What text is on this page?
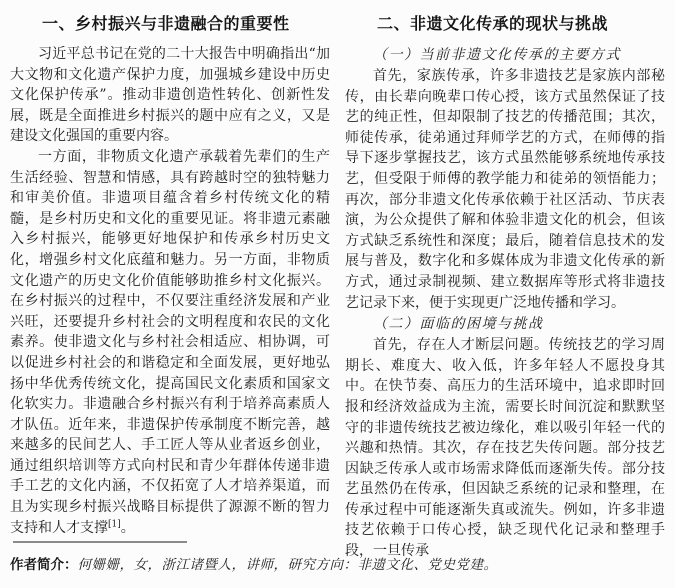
一、乡村振兴与非遗融合的重要性

习近平总书记在党的二十大报告中明确指出“加大文物和文化遗产保护力度，加强城乡建设中历史文化保护传承”。推动非遗创造性转化、创新性发展，既是全面推进乡村振兴的题中应有之义，又是建设文化强国的重要内容。

一方面，非物质文化遗产承载着先辈们的生产生活经验、智慧和情感，具有跨越时空的独特魅力和审美价值。非遗项目蕴含着乡村传统文化的精髓，是乡村历史和文化的重要见证。将非遗元素融入乡村振兴，能够更好地保护和传承乡村历史文化，增强乡村文化底蕴和魅力。另一方面，非物质文化遗产的历史文化价值能够助推乡村文化振兴。在乡村振兴的过程中，不仅要注重经济发展和产业兴旺，还要提升乡村社会的文明程度和农民的文化素养。使非遗文化与乡村社会相适应、相协调，可以促进乡村社会的和谐稳定和全面发展，更好地弘扬中华优秀传统文化，提高国民文化素质和国家文化软实力。非遗融合乡村振兴有利于培养高素质人才队伍。近年来，非遗保护传承制度不断完善，越来越多的民间艺人、手工匠人等从业者返乡创业，通过组织培训等方式向村民和青少年群体传递非遗手工艺的文化内涵，不仅拓宽了人才培养渠道，而且为实现乡村振兴战略目标提供了源源不断的智力支持和人才支撑[1]。

二、非遗文化传承的现状与挑战

（一）当前非遗文化传承的主要方式

首先，家族传承，许多非遗技艺是家族内部秘传，由长辈向晚辈口传心授，该方式虽然保证了技艺的纯正性，但却限制了技艺的传播范围；其次，师徒传承，徒弟通过拜师学艺的方式，在师傅的指导下逐步掌握技艺，该方式虽然能够系统地传承技艺，但受限于师傅的教学能力和徒弟的领悟能力；再次，部分非遗文化传承依赖于社区活动、节庆表演，为公众提供了解和体验非遗文化的机会，但该方式缺乏系统性和深度；最后，随着信息技术的发展与普及，数字化和多媒体成为非遗文化传承的新方式，通过录制视频、建立数据库等形式将非遗技艺记录下来，便于实现更广泛地传播和学习。

（二）面临的困境与挑战

首先，存在人才断层问题。传统技艺的学习周期长、难度大、收入低，许多年轻人不愿投身其中。在快节奏、高压力的生活环境中，追求即时回报和经济效益成为主流，需要长时间沉淀和默默坚守的非遗传统技艺被边缘化，难以吸引年轻一代的兴趣和热情。其次，存在技艺失传问题。部分技艺因缺乏传承人或市场需求降低而逐渐失传。部分技艺虽然仍在传承，但因缺乏系统的记录和整理，在传承过程中可能逐渐失真或流失。例如，许多非遗技艺依赖于口传心授，缺乏现代化记录和整理手段，一旦传承

作者简介：何姗姗，女，浙江诸暨人，讲师，研究方向：非遗文化、党史党建。
